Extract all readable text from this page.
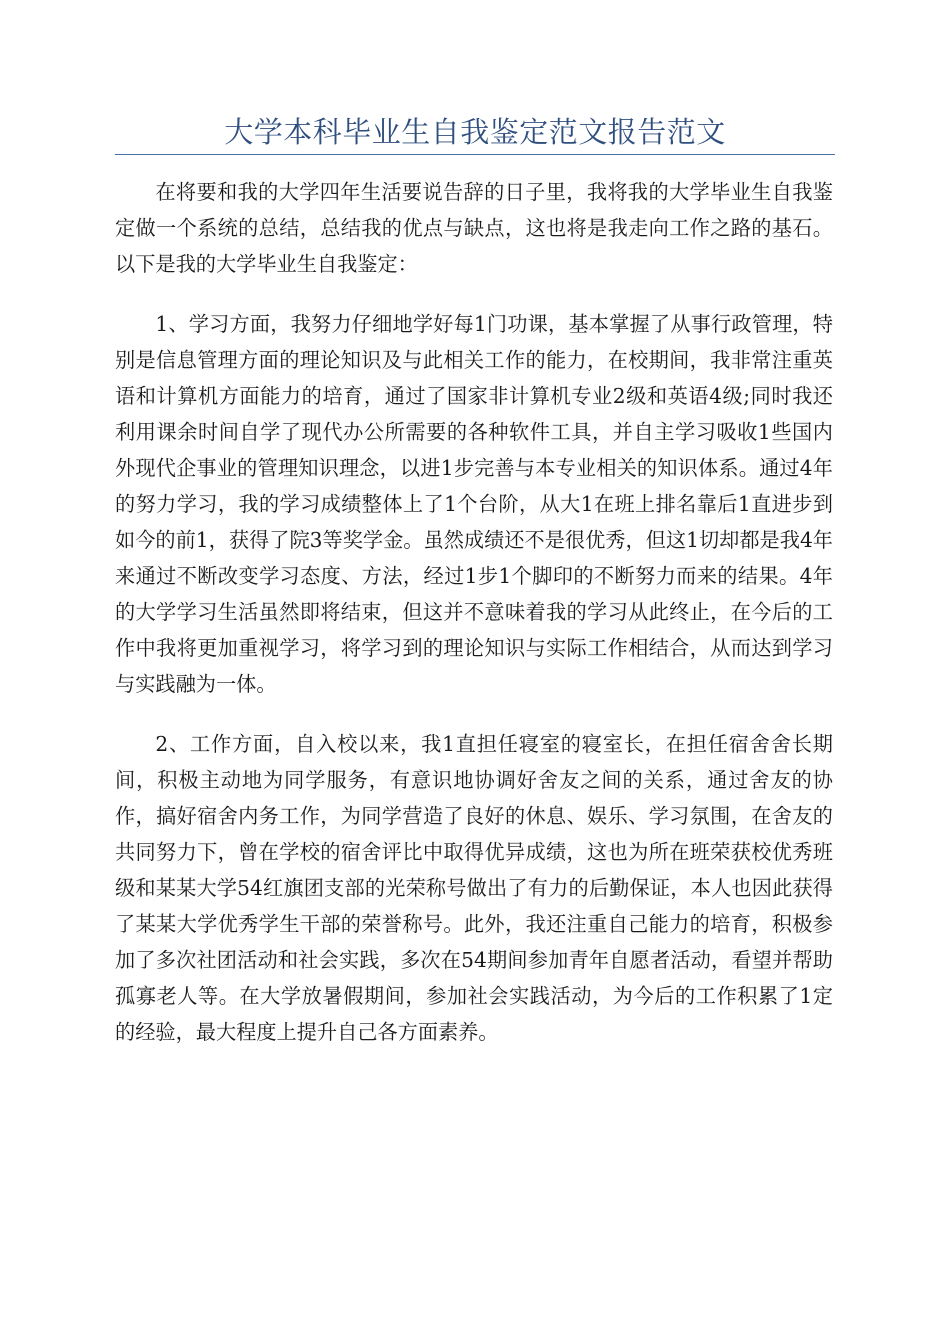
大学本科毕业生自我鉴定范文报告范文

在将要和我的大学四年生活要说告辞的日子里，我将我的大学毕业生自我鉴定做一个系统的总结，总结我的优点与缺点，这也将是我走向工作之路的基石。以下是我的大学毕业生自我鉴定：

1、学习方面，我努力仔细地学好每1门功课，基本掌握了从事行政管理，特别是信息管理方面的理论知识及与此相关工作的能力，在校期间，我非常注重英语和计算机方面能力的培育，通过了国家非计算机专业2级和英语4级;同时我还利用课余时间自学了现代办公所需要的各种软件工具，并自主学习吸收1些国内外现代企事业的管理知识理念，以进1步完善与本专业相关的知识体系。通过4年的努力学习，我的学习成绩整体上了1个台阶，从大1在班上排名靠后1直进步到如今的前1，获得了院3等奖学金。虽然成绩还不是很优秀，但这1切却都是我4年来通过不断改变学习态度、方法，经过1步1个脚印的不断努力而来的结果。4年的大学学习生活虽然即将结束，但这并不意味着我的学习从此终止，在今后的工作中我将更加重视学习，将学习到的理论知识与实际工作相结合，从而达到学习与实践融为一体。

2、工作方面，自入校以来，我1直担任寝室的寝室长，在担任宿舍舍长期间，积极主动地为同学服务，有意识地协调好舍友之间的关系，通过舍友的协作，搞好宿舍内务工作，为同学营造了良好的休息、娱乐、学习氛围，在舍友的共同努力下，曾在学校的宿舍评比中取得优异成绩，这也为所在班荣获校优秀班级和某某大学54红旗团支部的光荣称号做出了有力的后勤保证，本人也因此获得了某某大学优秀学生干部的荣誉称号。此外，我还注重自己能力的培育，积极参加了多次社团活动和社会实践，多次在54期间参加青年自愿者活动，看望并帮助孤寡老人等。在大学放暑假期间，参加社会实践活动，为今后的工作积累了1定的经验，最大程度上提升自己各方面素养。
